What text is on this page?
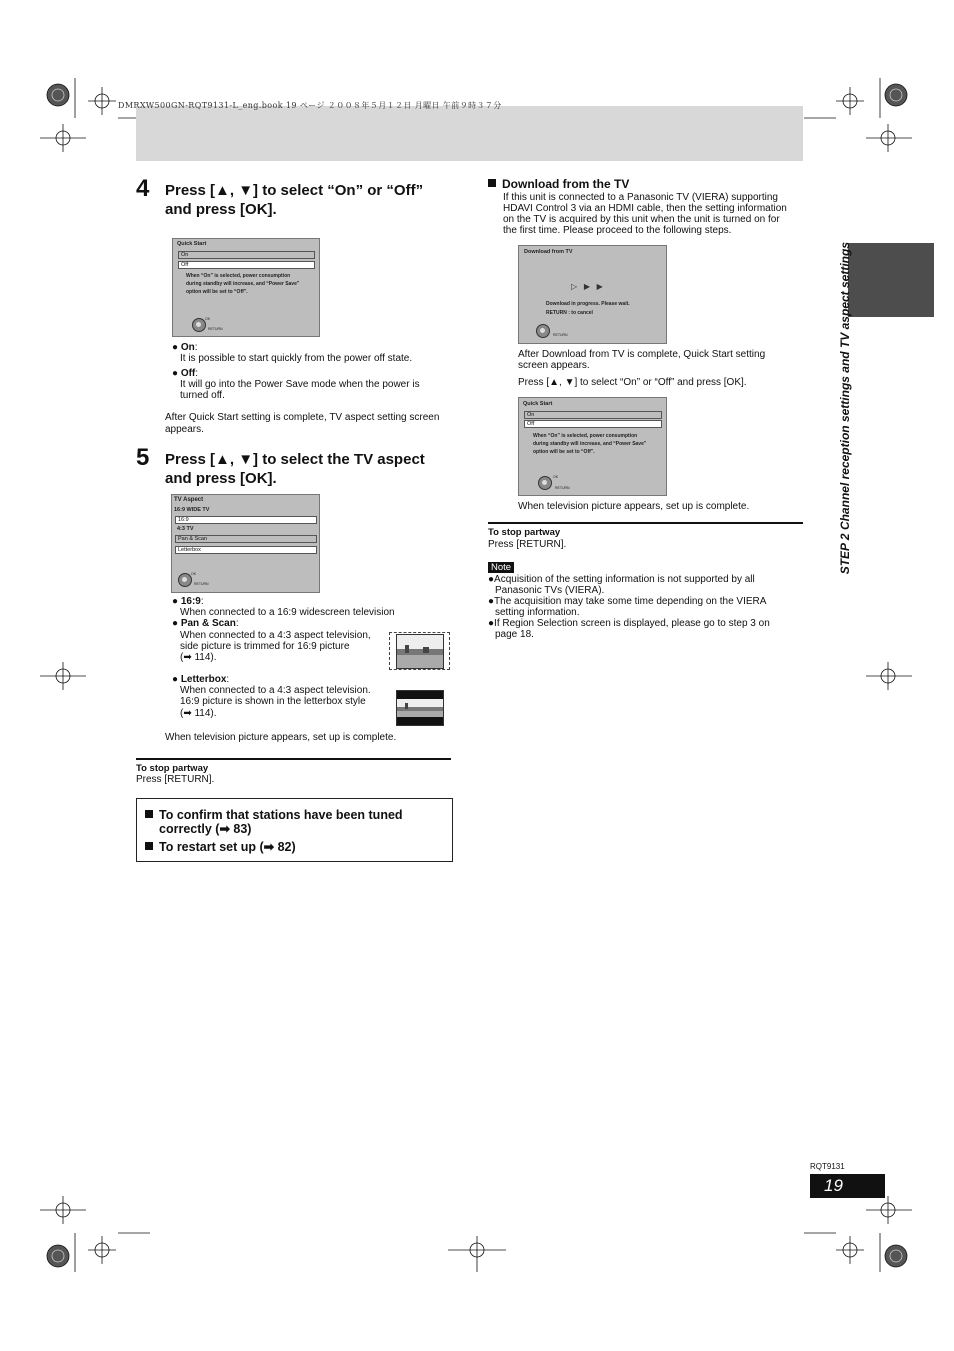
DMRXW500GN-RQT9131-L_eng.book 19 ページ ２００８年５月１２日 月曜日 午前９時３７分
4 Press [▲, ▼] to select “On” or “Off”
and press [OK].
Quick Start
On
Off
When “On” is selected, power consumption
during standby will increase, and “Power Save”
option will be set to “Off”.
OK
RETURN
● On:
It is possible to start quickly from the power off state.
● Off:
It will go into the Power Save mode when the power is
turned off.
After Quick Start setting is complete, TV aspect setting screen
appears.
5 Press [▲, ▼] to select the TV aspect
and press [OK].
TV Aspect
16:9 WIDE TV
16:9
4:3 TV
Pan & Scan
Letterbox
OK
RETURN
● 16:9:
When connected to a 16:9 widescreen television
● Pan & Scan:
When connected to a 4:3 aspect television,
side picture is trimmed for 16:9 picture
(➡ 114).
● Letterbox:
When connected to a 4:3 aspect television.
16:9 picture is shown in the letterbox style
(➡ 114).
When television picture appears, set up is complete.
To stop partway
Press [RETURN].
To confirm that stations have been tuned
correctly (➡ 83)
To restart set up (➡ 82)
Download from the TV
If this unit is connected to a Panasonic TV (VIERA) supporting
HDAVI Control 3 via an HDMI cable, then the setting information
on the TV is acquired by this unit when the unit is turned on for
the first time. Please proceed to the following steps.
Download from TV
▷   ▶   ▶
Download in progress. Please wait.
RETURN : to cancel
RETURN
After Download from TV is complete, Quick Start setting
screen appears.
Press [▲, ▼] to select “On” or “Off” and press [OK].
Quick Start
On
Off
When “On” is selected, power consumption
during standby will increase, and “Power Save”
option will be set to “Off”.
OK
RETURN
When television picture appears, set up is complete.
To stop partway
Press [RETURN].
Note
●Acquisition of the setting information is not supported by all
Panasonic TVs (VIERA).
●The acquisition may take some time depending on the VIERA
setting information.
●If Region Selection screen is displayed, please go to step 3 on
page 18.
STEP 2 Channel reception settings and TV aspect settings
RQT9131
19
